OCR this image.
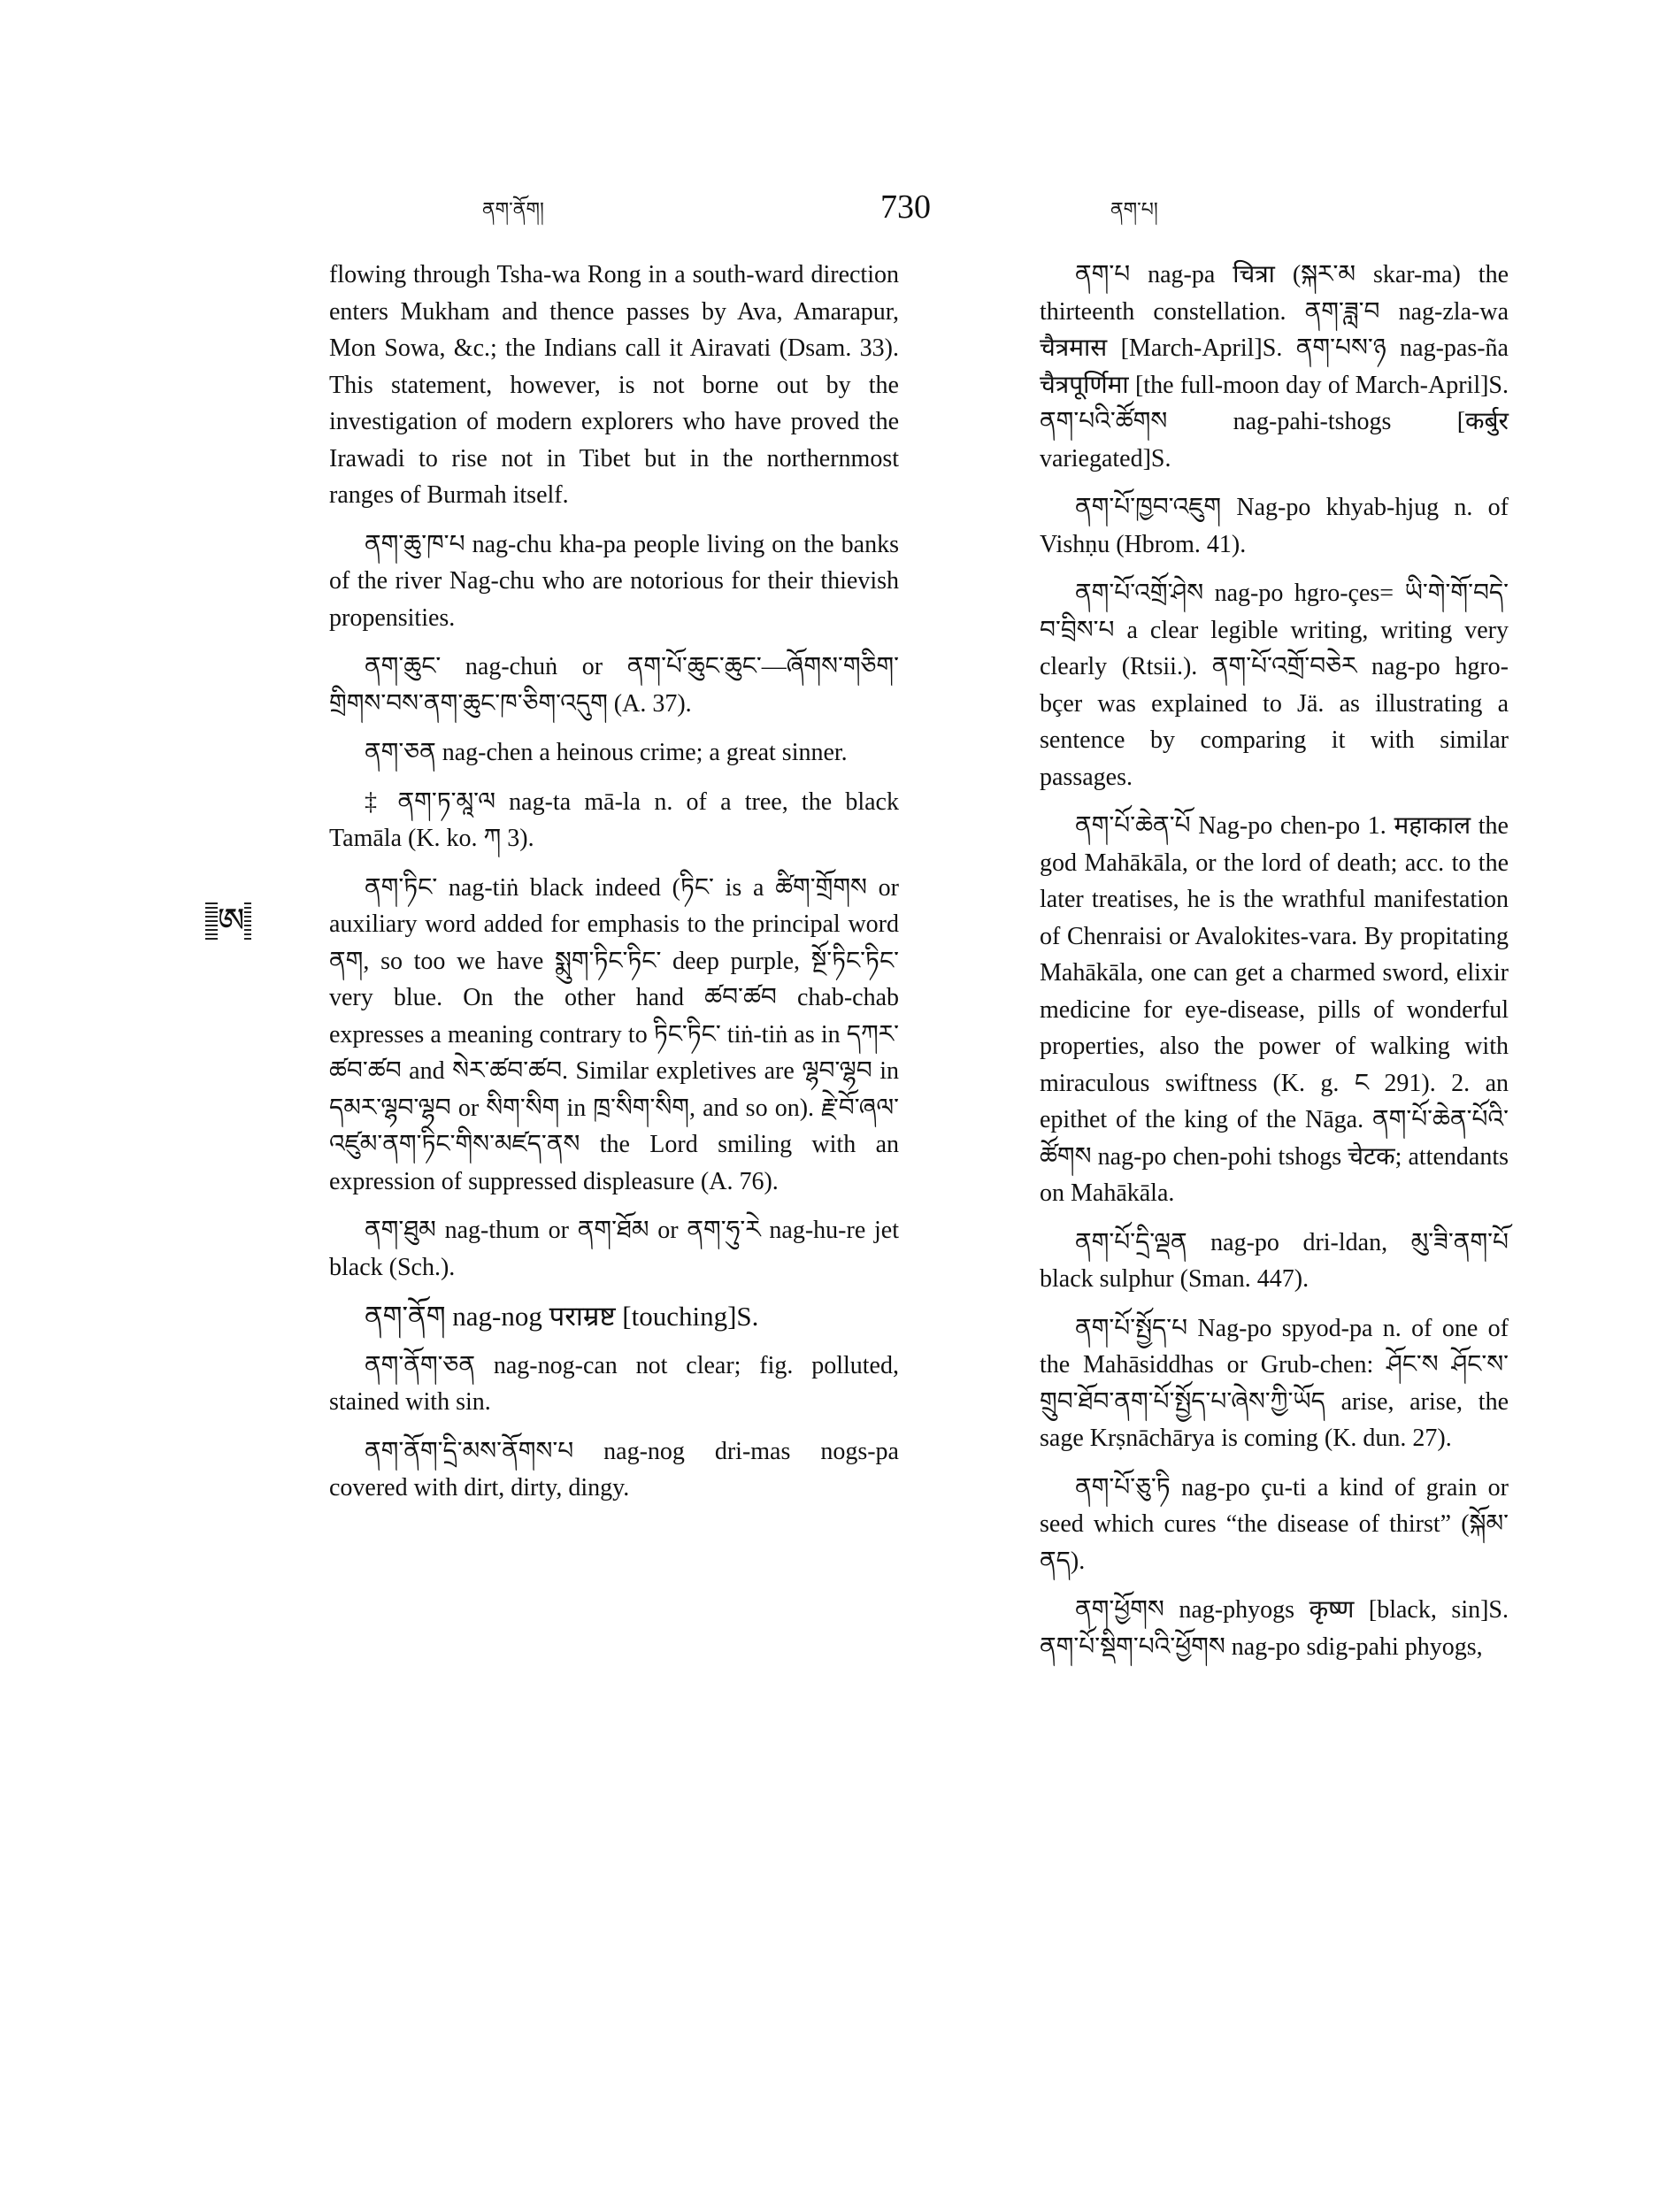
ནག་ནོག།	730	ནག་པ།
ཨ

flowing through Tsha-wa Rong in a south-ward direction enters Mukham and thence passes by Ava, Amarapur, Mon Sowa, &c.; the Indians call it Airavati (Dsam. 33). This statement, however, is not borne out by the investigation of modern explorers who have proved the Irawadi to rise not in Tibet but in the northernmost ranges of Burmah itself.

ནག་ཆུ་ཁ་པ nag-chu kha-pa people living on the banks of the river Nag-chu who are notorious for their thievish propensities.

ནག་ཆུང་ nag-chuṅ or ནག་པོ་ཆུང་ཆུང་—ཞོགས་གཅིག་གྲིགས་བས་ནག་ཆུང་ཁ་ཅིག་འདུག (A. 37).

ནག་ཅན nag-chen a heinous crime; a great sinner.

‡ ནག་ཏ་མཱ་ལ nag-ta mā-la n. of a tree, the black Tamāla (K. ko. ཀ 3).

ནག་ཏིང་ nag-tiṅ black indeed (ཏིང་ is a ཚིག་གྲོགས or auxiliary word added for emphasis to the principal word ནག, so too we have སྨུག་ཏིང་ཏིང་ deep purple, སྔོ་ཏིང་ཏིང་ very blue. On the other hand ཚབ་ཚབ chab-chab expresses a meaning contrary to ཏིང་ཏིང་ tiṅ-tiṅ as in དཀར་ཚབ་ཚབ and སེར་ཚབ་ཚབ. Similar expletives are ལྷབ་ལྷབ in དམར་ལྷབ་ལྷབ or སིག་སིག in ཁྲ་སིག་སིག, and so on). རྗེ་བོ་ཞལ་འཛུམ་ནག་ཏིང་གིས་མཛད་ནས the Lord smiling with an expression of suppressed displeasure (A. 76).

ནག་ཐུམ nag-thum or ནག་ཐོམ or ནག་ཧུ་རེ nag-hu-re jet black (Sch.).

ནག་ནོག nag-nog पराम्रष्ट [touching]S.

ནག་ནོག་ཅན nag-nog-can not clear; fig. polluted, stained with sin.

ནག་ནོག་དྲི་མས་ནོགས་པ nag-nog dri-mas nogs-pa covered with dirt, dirty, dingy.

ནག་པ nag-pa चित्रा (སྐར་མ skar-ma) the thirteenth constellation. ནག་ཟླ་བ nag-zla-wa चैत्रमास [March-April]S. ནག་པས་ཉ nag-pas-ña चैत्रपूर्णिमा [the full-moon day of March-April]S. ནག་པའི་ཚོགས nag-pahi-tshogs [कर्बुर variegated]S.

ནག་པོ་ཁྱབ་འཇུག Nag-po khyab-hjug n. of Vishṇu (Hbrom. 41).

ནག་པོ་འགྲོ་ཤེས nag-po hgro-çes= ཡི་གེ་གོ་བདེ་བ་བྲིས་པ a clear legible writing, writing very clearly (Rtsii.). ནག་པོ་འགྲོ་བཅེར nag-po hgro-bçer was explained to Jä. as illustrating a sentence by comparing it with similar passages.

ནག་པོ་ཆེན་པོ Nag-po chen-po 1. महाकाल the god Mahākāla, or the lord of death; acc. to the later treatises, he is the wrathful manifestation of Chenraisi or Avalokites-vara. By propitating Mahākāla, one can get a charmed sword, elixir medicine for eye-disease, pills of wonderful properties, also the power of walking with miraculous swiftness (K. g. ང 291). 2. an epithet of the king of the Nāga. ནག་པོ་ཆེན་པོའི་ཚོགས nag-po chen-pohi tshogs चेटक; attendants on Mahākāla.

ནག་པོ་དྲི་ལྡན nag-po dri-ldan, མུ་ཟི་ནག་པོ black sulphur (Sman. 447).

ནག་པོ་སྤྱོད་པ Nag-po spyod-pa n. of one of the Mahāsiddhas or Grub-chen: ཤོང་ས ཤོང་ས་གྲུབ་ཐོབ་ནག་པོ་སྤྱོད་པ་ཞེས་ཀྱི་ཡོད arise, arise, the sage Krṣnāchārya is coming (K. dun. 27).

ནག་པོ་ཅུ་ཏི nag-po çu-ti a kind of grain or seed which cures “the disease of thirst” (སྐོམ་ནད).

ནག་ཕྱོགས nag-phyogs कृष्ण [black, sin]S. ནག་པོ་སྡིག་པའི་ཕྱོགས nag-po sdig-pahi phyogs,
